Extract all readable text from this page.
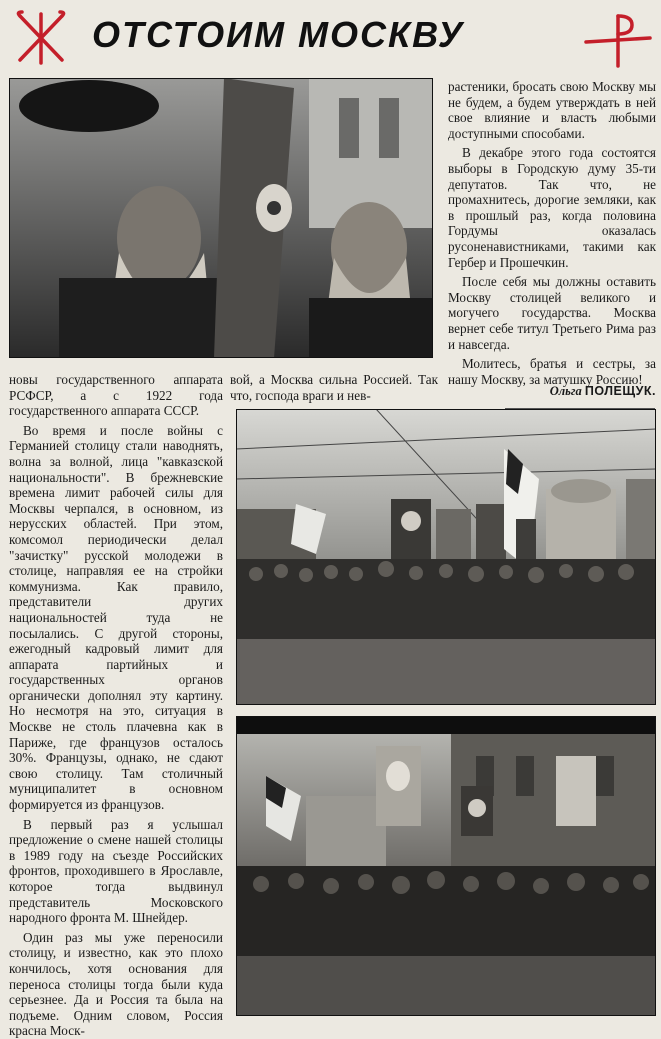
ОТСТОИМ МОСКВУ

растеники, бросать свою Москву мы не будем, а будем утверждать в ней свое влияние и власть любыми доступными способами.

В декабре этого года состоятся выборы в Городскую думу 35-ти депутатов. Так что, не промахнитесь, дорогие земляки, как в прошлый раз, когда половина Гордумы оказалась русоненавистниками, такими как Гербер и Прошечкин.

После себя мы должны оставить Москву столицей великого и могучего государства. Москва вернет себе титул Третьего Рима раз и навсегда.

Молитесь, братья и сестры, за нашу Москву, за матушку Россию!

Ольга ПОЛЕЩУК.

новы государственного аппарата РСФСР, а с 1922 года государственного аппарата СССР.

Во время и после войны с Германией столицу стали наводнять, волна за волной, лица "кавказской национальности". В брежневские времена лимит рабочей силы для Москвы черпался, в основном, из нерусских областей. При этом, комсомол периодически делал "зачистку" русской молодежи в столице, направляя ее на стройки коммунизма. Как правило, представители других национальностей туда не посылались. С другой стороны, ежегодный кадровый лимит для аппарата партийных и государственных органов органически дополнял эту картину. Но несмотря на это, ситуация в Москве не столь плачевна как в Париже, где французов осталось 30%. Французы, однако, не сдают свою столицу. Там столичный муниципалитет в основном формируется из французов.

В первый раз я услышал предложение о смене нашей столицы в 1989 году на съезде Российских фронтов, проходившего в Ярославле, которое тогда выдвинул представитель Московского народного фронта М. Шнейдер.

Один раз мы уже переносили столицу, и известно, как это плохо кончилось, хотя основания для переноса столицы тогда были куда серьезнее. Да и Россия та была на подъеме. Одним словом, Россия красна Моск-

вой, а Москва сильна Россией. Так что, господа враги и нев-
